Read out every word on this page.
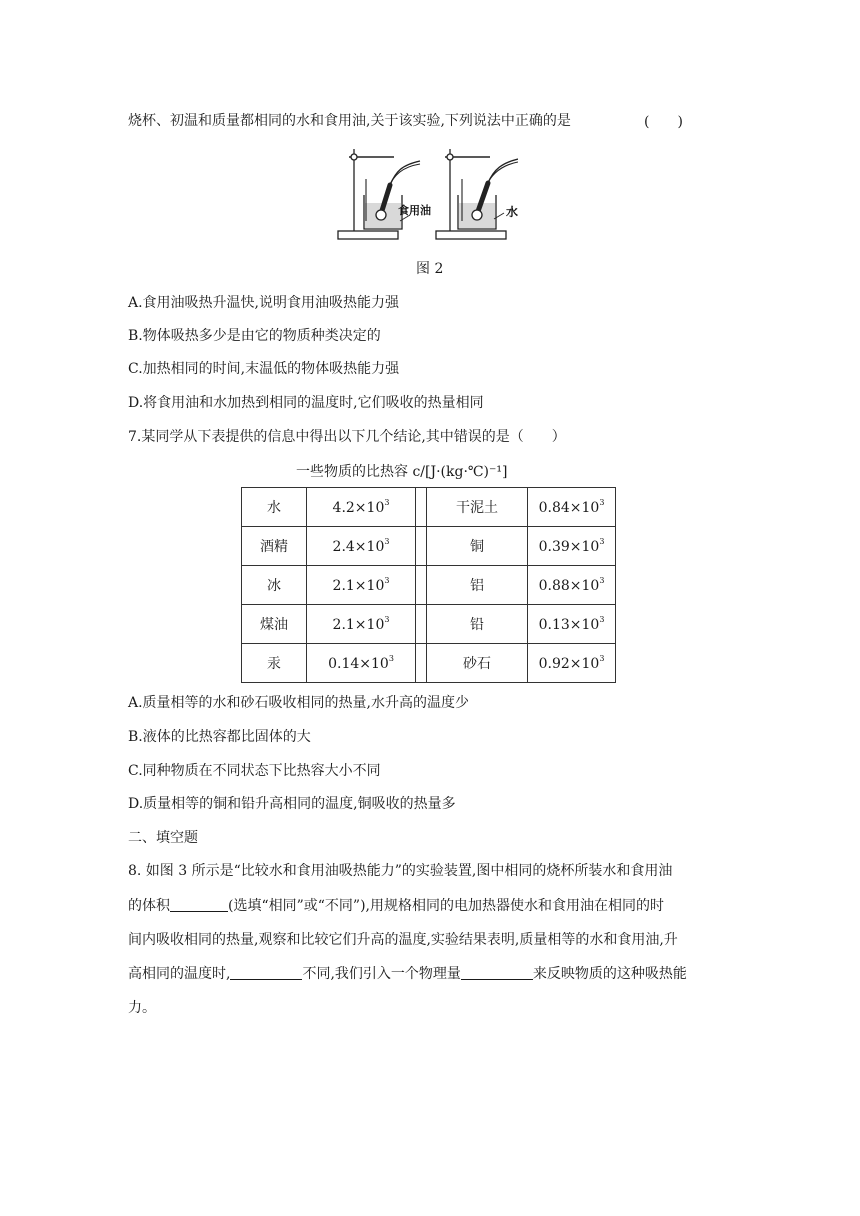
烧杯、初温和质量都相同的水和食用油,关于该实验,下列说法中正确的是	(　　)
食用油	水
图 2
A.食用油吸热升温快,说明食用油吸热能力强
B.物体吸热多少是由它的物质种类决定的
C.加热相同的时间,末温低的物体吸热能力强
D.将食用油和水加热到相同的温度时,它们吸收的热量相同
7.某同学从下表提供的信息中得出以下几个结论,其中错误的是（　　）
一些物质的比热容 c/[J·(kg·℃)⁻¹]
水	$4.2\times 10^3$		干泥土	$0.84\times 10^3$
酒精	$2.4\times 10^3$		铜	$0.39\times 10^3$
冰	$2.1\times 10^3$		铝	$0.88\times 10^3$
煤油	$2.1\times 10^3$		铅	$0.13\times 10^3$
汞	$0.14\times 10^3$		砂石	$0.92\times 10^3$
A.质量相等的水和砂石吸收相同的热量,水升高的温度少
B.液体的比热容都比固体的大
C.同种物质在不同状态下比热容大小不同
D.质量相等的铜和铅升高相同的温度,铜吸收的热量多
二、填空题
8. 如图 3 所示是“比较水和食用油吸热能力”的实验装置,图中相同的烧杯所装水和食用油
的体积	(选填“相同”或“不同”),用规格相同的电加热器使水和食用油在相同的时
间内吸收相同的热量,观察和比较它们升高的温度,实验结果表明,质量相等的水和食用油,升
高相同的温度时,	不同,我们引入一个物理量	来反映物质的这种吸热能
力。
